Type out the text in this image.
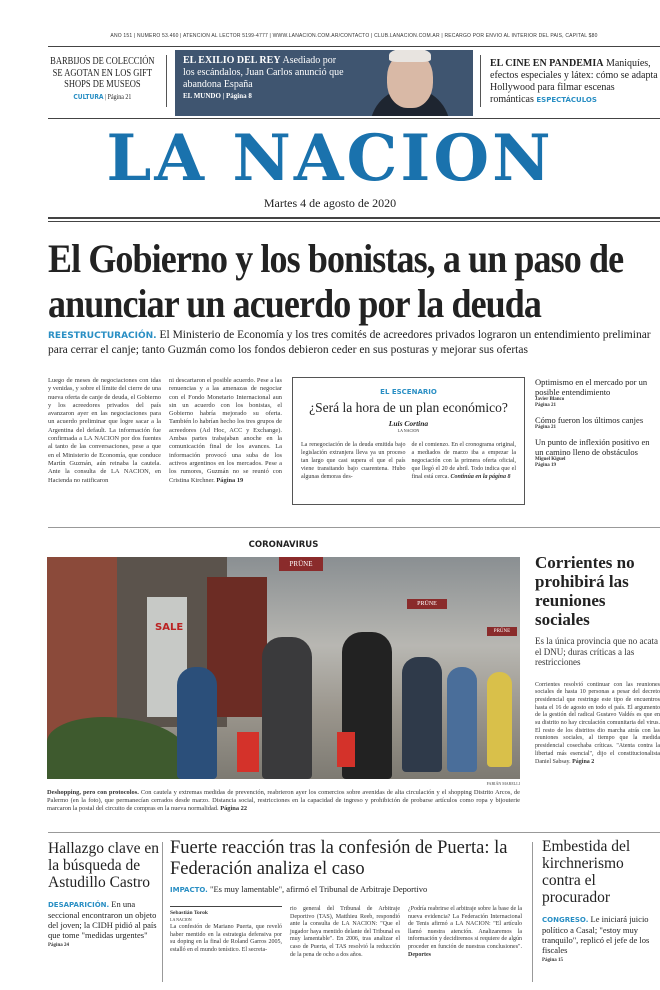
AÑO 151 | NÚMERO 53.460 | ATENCIÓN AL LECTOR 5199-4777 | WWW.LANACION.COM.AR/CONTACTO | CLUB.LANACION.COM.AR | RECARGO POR ENVÍO AL INTERIOR DEL PAÍS, CAPITAL $80
BARBIJOS DE COLECCIÓN SE AGOTAN EN LOS GIFT SHOPS DE MUSEOS
CULTURA | Página 21
EL EXILIO DEL REY Asediado por los escándalos, Juan Carlos anunció que abandona España
EL MUNDO | Página 8
EL CINE EN PANDEMIA Maniquíes, efectos especiales y látex: cómo se adapta Hollywood para filmar escenas románticas ESPECTÁCULOS
LA NACION
Martes 4 de agosto de 2020
El Gobierno y los bonistas, a un paso de anunciar un acuerdo por la deuda
REESTRUCTURACIÓN. El Ministerio de Economía y los tres comités de acreedores privados lograron un entendimiento preliminar para cerrar el canje; tanto Guzmán como los fondos debieron ceder en sus posturas y mejorar sus ofertas
Luego de meses de negociaciones con idas y venidas, y sobre el límite del cierre de una nueva oferta de canje de deuda, el Gobierno y los acreedores privados del país avanzaron ayer en las negociaciones para un acuerdo preliminar que logre sacar a la Argentina del default. La información fue confirmada a LA NACION por dos fuentes al tanto de las conversaciones, pese a que en el Ministerio de Economía, que conduce Martín Guzmán, aún reinaba la cautela. Ante la consulta de LA NACION, en Hacienda no ratificaron
ni descartaron el posible acuerdo. Pese a las renuencias y a las amenazas de negociar con el Fondo Monetario Internacional aun sin un acuerdo con los bonistas, el Gobierno habría mejorado su oferta. También lo habrían hecho los tres grupos de acreedores (Ad Hoc, ACC y Exchange). Ambas partes trabajaban anoche en la comunicación final de los avances. La información provocó una suba de los activos argentinos en los mercados. Pese a los rumores, Guzmán no se reunió con Cristina Kirchner. Página 19
EL ESCENARIO
¿Será la hora de un plan económico?
Luis Cortina
LA NACION
La renegociación de la deuda emitida bajo legislación extranjera lleva ya un proceso tan largo que casi supera el que el país viene transitando bajo cuarentena. Hubo algunas demoras des-
de el comienzo. En el cronograma original, a mediados de marzo iba a empezar la negociación con la primera oferta oficial, que llegó el 20 de abril. Todo indica que el final está cerca. Continúa en la página 8
Optimismo en el mercado por un posible entendimiento
Javier Blanco
Página 21
Cómo fueron los últimos canjes
Página 21
Un punto de inflexión positivo en un camino lleno de obstáculos
Miguel Kiguel
Página 19
CORONAVIRUS
SALE
PRÜNE
PRÜNE
PRÜNE
FABIÁN MARELLI
Deshopping, pero con protocolos. Con cautela y extremas medidas de prevención, reabrieron ayer los comercios sobre avenidas de alta circulación y el shopping Distrito Arcos, de Palermo (en la foto), que permanecían cerrados desde marzo. Distancia social, restricciones en la capacidad de ingreso y prohibición de probarse artículos como ropa y bijouterie marcaron la postal del circuito de compras en la nueva normalidad. Página 22
Corrientes no prohibirá las reuniones sociales
Es la única provincia que no acata el DNU; duras críticas a las restricciones
Corrientes resolvió continuar con las reuniones sociales de hasta 10 personas a pesar del decreto presidencial que restringe este tipo de encuentros hasta el 16 de agosto en todo el país. El argumento de la gestión del radical Gustavo Valdés es que en su distrito no hay circulación comunitaria del virus. El resto de los distritos dio marcha atrás con las reuniones sociales, al tiempo que la medida presidencial cosechaba críticas. "Atenta contra la libertad más esencial", dijo el constitucionalista Daniel Sabsay. Página 2
Hallazgo clave en la búsqueda de Astudillo Castro
DESAPARICIÓN. En una seccional encontraron un objeto del joven; la CIDH pidió al país que tome "medidas urgentes"
Página 24
Fuerte reacción tras la confesión de Puerta: la Federación analiza el caso
IMPACTO. "Es muy lamentable", afirmó el Tribunal de Arbitraje Deportivo
Sebastián Torok
LA NACION
La confesión de Mariano Puerta, que reveló haber mentido en la estrategia defensiva por su doping en la final de Roland Garros 2005, estalló en el mundo tenístico. El secreta-
rio general del Tribunal de Arbitraje Deportivo (TAS), Matthieu Reeb, respondió ante la consulta de LA NACION: "Que el jugador haya mentido delante del Tribunal es muy lamentable". En 2006, tras analizar el caso de Puerta, el TAS resolvió la reducción de la pena de ocho a dos años.
¿Podría reabrirse el arbitraje sobre la base de la nueva evidencia? La Federación Internacional de Tenis afirmó a LA NACION: "El artículo llamó nuestra atención. Analizaremos la información y decidiremos si requiere de algún proceder en función de nuestras conclusiones". Deportes
Embestida del kirchnerismo contra el procurador
CONGRESO. Le iniciará juicio político a Casal; "estoy muy tranquilo", replicó el jefe de los fiscales
Página 15
